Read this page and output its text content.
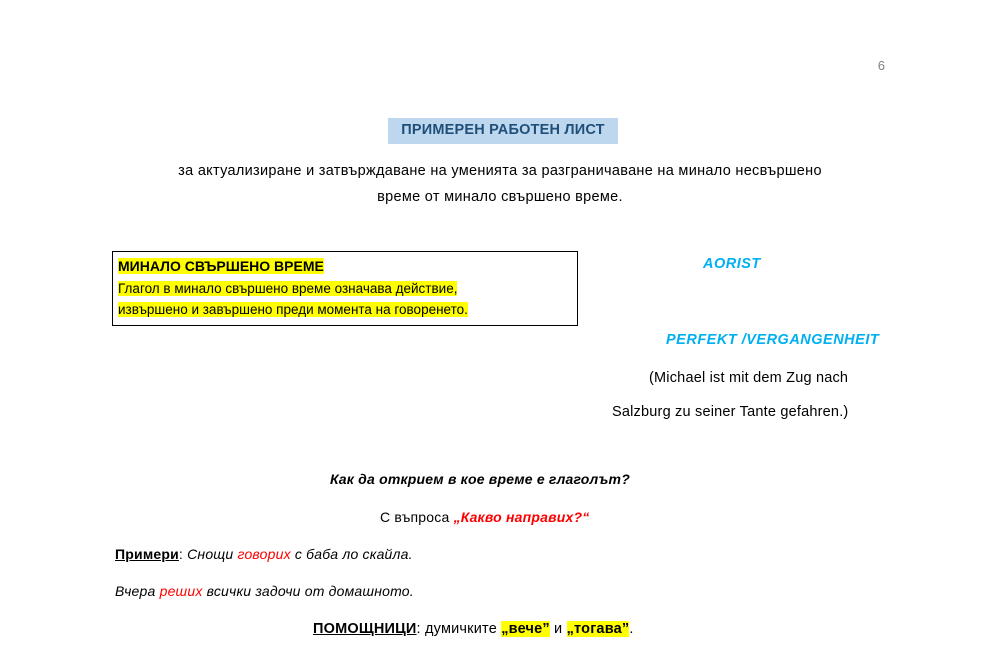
6
ПРИМЕРЕН РАБОТЕН ЛИСТ
за актуализиране и затвърждаване на умениятa за разграничаване на минало несвършено
време от минало свършено време.
МИНАЛО СВЪРШЕНО ВРЕМЕ
Глагол в минало свършено време означава действие,
извършено и завършено преди момента на говоренето.
AORIST
PERFEKT /VERGANGENHEIT
(Michael ist mit dem Zug nach
Salzburg zu seiner Tante gefahren.)
Как да открием в кое време е глаголът?
С въпроса „Какво направих?“
Примери: Снощи говорих с баба ло скайла.
Вчера реших всички задочи от домашното.
ПОМОЩНИЦИ: думичките „вече” и „тогава”.
